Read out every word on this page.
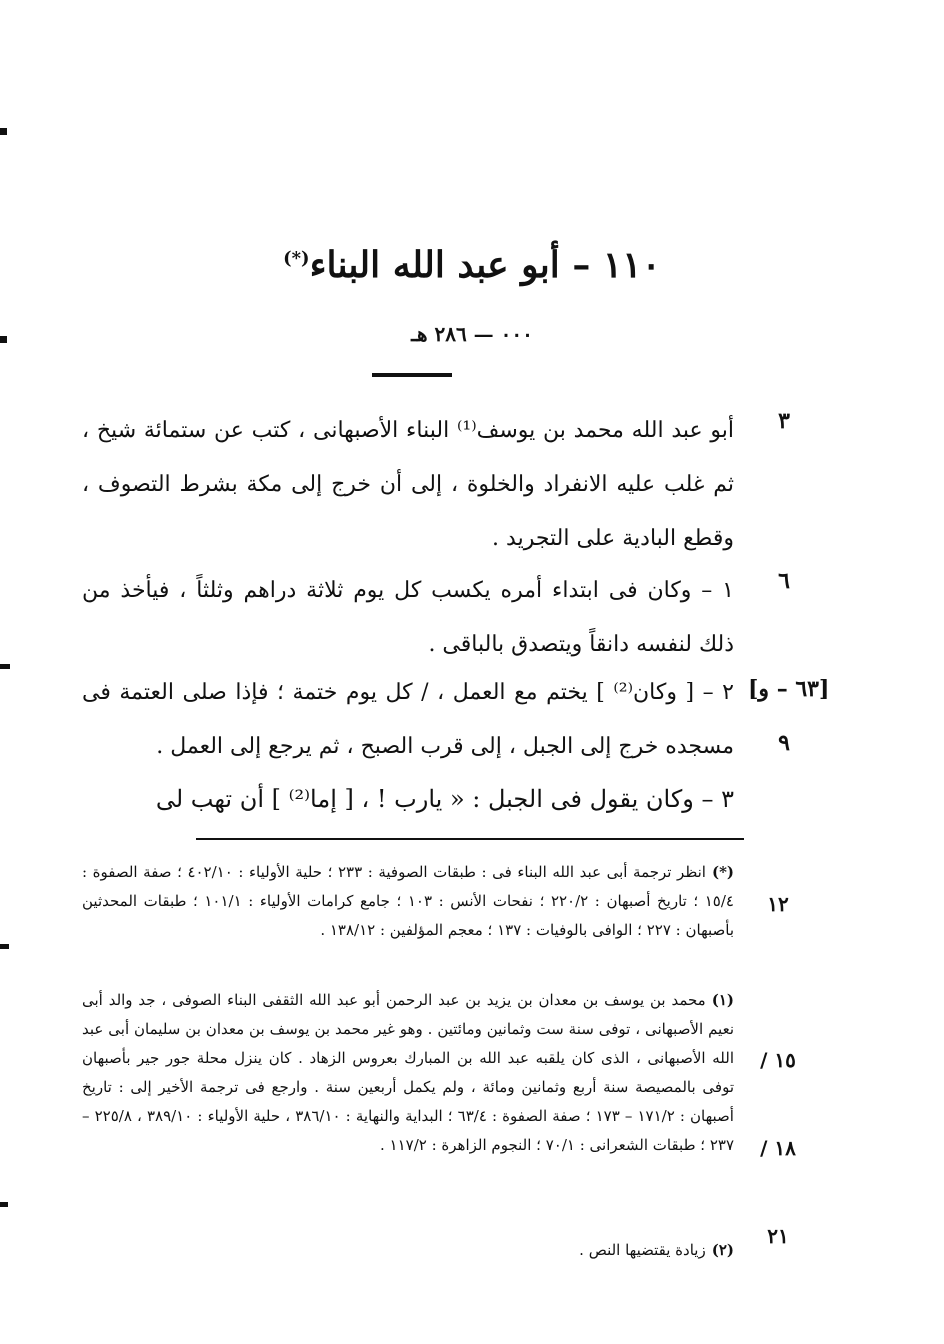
١١٠ – أبو عبد الله البناء(*)
٠٠٠ — ٢٨٦ هـ
٣
أبو عبد الله محمد بن يوسف⁽¹⁾ البناء الأصبهانى ، كتب عن ستمائة شيخ ، ثم غلب عليه الانفراد والخلوة ، إلى أن خرج إلى مكة بشرط التصوف ، وقطع البادية على التجريد .
٦
١ – وكان فى ابتداء أمره يكسب كل يوم ثلاثة دراهم وثلثاً ، فيأخذ من ذلك لنفسه دانقاً ويتصدق بالباقى .
[٦٣ – و]
٩
٢ – [ وكان⁽²⁾ ] يختم مع العمل ، / كل يوم ختمة ؛ فإذا صلى العتمة فى مسجده خرج إلى الجبل ، إلى قرب الصبح ، ثم يرجع إلى العمل .
٣ – وكان يقول فى الجبل : « يارب ! ، [ إما⁽²⁾ ] أن تهب لى
١٢
(*)انظر ترجمة أبى عبد الله البناء فى : طبقات الصوفية : ٢٣٣ ؛ حلية الأولياء : ٤٠٢/١٠ ؛ صفة الصفوة : ١٥/٤ ؛ تاريخ أصبهان : ٢٢٠/٢ ؛ نفحات الأنس : ١٠٣ ؛ جامع كرامات الأولياء : ١٠١/١ ؛ طبقات المحدثين بأصبهان : ٢٢٧ ؛ الوافى بالوفيات : ١٣٧ ؛ معجم المؤلفين : ١٣٨/١٢ .
١٥ / ١٨ / ٢١
(١)محمد بن يوسف بن معدان بن يزيد بن عبد الرحمن أبو عبد الله الثقفى البناء الصوفى ، جد والد أبى نعيم الأصبهانى ، توفى سنة ست وثمانين ومائتين . وهو غير محمد بن يوسف بن معدان بن سليمان أبى عبد الله الأصبهانى ، الذى كان يلقبه عبد الله بن المبارك بعروس الزهاد . كان ينزل محلة جور جير بأصبهان توفى بالمصيصة سنة أربع وثمانين ومائة ، ولم يكمل أربعين سنة . وارجع فى ترجمة الأخير إلى : تاريخ أصبهان : ١٧١/٢ – ١٧٣ ؛ صفة الصفوة : ٦٣/٤ ؛ البداية والنهاية : ٣٨٦/١٠ ، حلية الأولياء : ٣٨٩/١٠ ، ٢٢٥/٨ – ٢٣٧ ؛ طبقات الشعرانى : ٧٠/١ ؛ النجوم الزاهرة : ١١٧/٢ .
(٢)زيادة يقتضيها النص .
